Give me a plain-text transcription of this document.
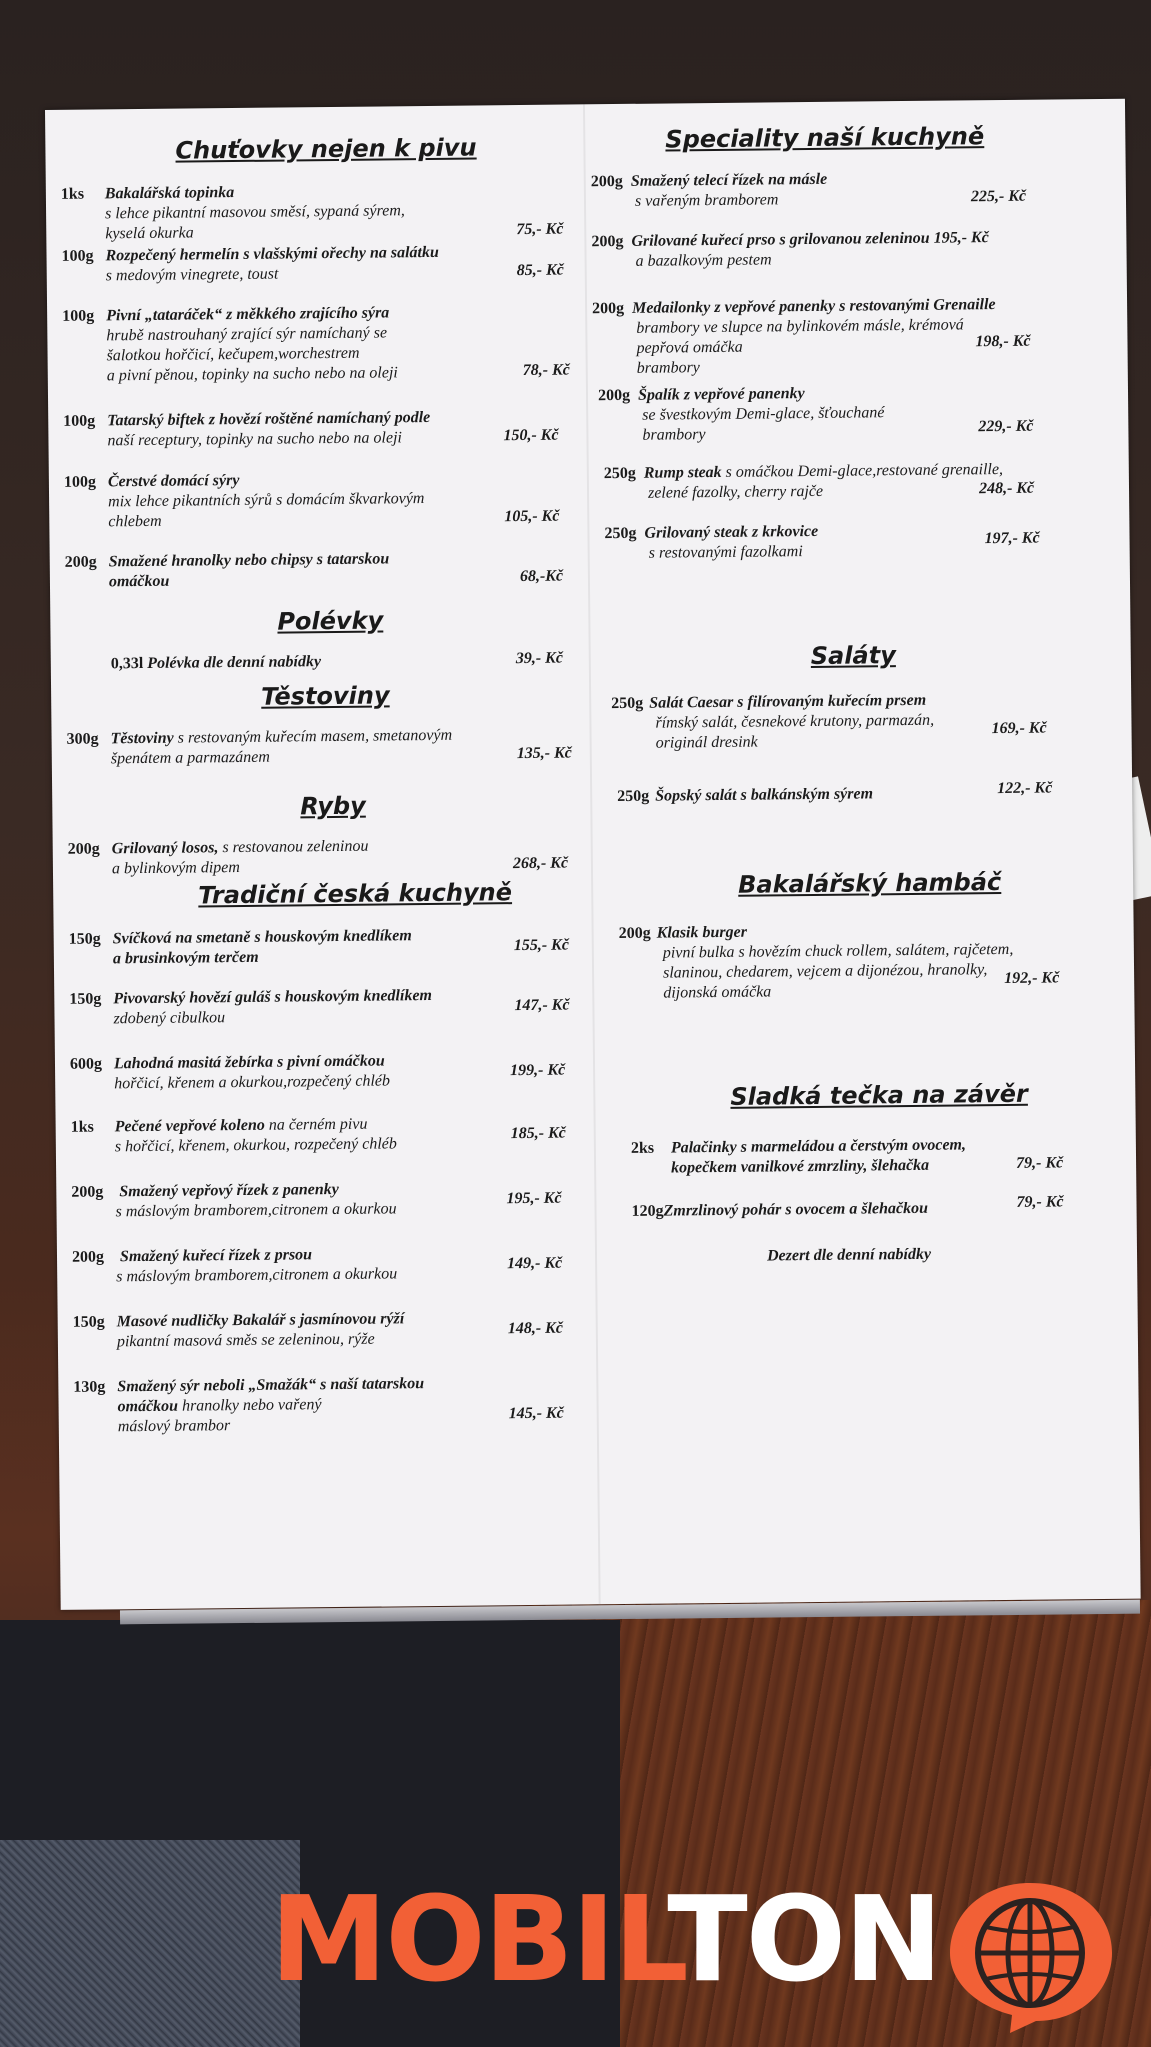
Chuťovky nejen k pivu
1ks Bakalářská topinka
s lehce pikantní masovou směsí, sypaná sýrem,
kyselá okurka	75,- Kč
100g Rozpečený hermelín s vlašskými ořechy na salátku
s medovým vinegrete, toust	85,- Kč
100g Pivní „tataráček“ z měkkého zrajícího sýra
hrubě nastrouhaný zrající sýr namíchaný se
šalotkou hořčicí, kečupem,worchestrem
a pivní pěnou, topinky na sucho nebo na oleji	78,- Kč
100g Tatarský biftek z hovězí roštěné namíchaný podle
naší receptury, topinky na sucho nebo na oleji	150,- Kč
100g Čerstvé domácí sýry
mix lehce pikantních sýrů s domácím škvarkovým
chlebem	105,- Kč
200g Smažené hranolky nebo chipsy s tatarskou
omáčkou	68,-Kč
Polévky
0,33l Polévka dle denní nabídky	39,- Kč
Těstoviny
300g Těstoviny s restovaným kuřecím masem, smetanovým
špenátem a parmazánem	135,- Kč
Ryby
200g Grilovaný losos, s restovanou zeleninou
a bylinkovým dipem	268,- Kč
Tradiční česká kuchyně
150g Svíčková na smetaně s houskovým knedlíkem
a brusinkovým terčem
155,- Kč
150g Pivovarský hovězí guláš s houskovým knedlíkem
zdobený cibulkou
147,- Kč
600g Lahodná masitá žebírka s pivní omáčkou
hořčicí, křenem a okurkou,rozpečený chléb
199,- Kč
1ks Pečené vepřové koleno na černém pivu
s hořčicí, křenem, okurkou, rozpečený chléb
185,- Kč
200g Smažený vepřový řízek z panenky
s máslovým bramborem,citronem a okurkou
195,- Kč
200g Smažený kuřecí řízek z prsou
s máslovým bramborem,citronem a okurkou
149,- Kč
150g Masové nudličky Bakalář s jasmínovou rýží
pikantní masová směs se zeleninou, rýže
148,- Kč
130g Smažený sýr neboli „Smažák“ s naší tatarskou
omáčkou hranolky nebo vařený
máslový brambor
145,- Kč
Speciality naší kuchyně
200g Smažený telecí řízek na másle
s vařeným bramborem	225,- Kč
200g Grilované kuřecí prso s grilovanou zeleninou 195,- Kč
a bazalkovým pestem
200g Medailonky z vepřové panenky s restovanými Grenaille
brambory ve slupce na bylinkovém másle, krémová
pepřová omáčka
brambory
198,- Kč
200g Špalík z vepřové panenky
se švestkovým Demi-glace, šťouchané
brambory	229,- Kč
250g Rump steak s omáčkou Demi-glace,restované grenaille,
zelené fazolky, cherry rajče	248,- Kč
250g Grilovaný steak z krkovice
s restovanými fazolkami
197,- Kč
Saláty
250g Salát Caesar s filírovaným kuřecím prsem
římský salát, česnekové krutony, parmazán,
originál dresink
169,- Kč
250g Šopský salát s balkánským sýrem	122,- Kč
Bakalářský hambáč
200g Klasik burger
pivní bulka s hovězím chuck rollem, salátem, rajčetem,
slaninou, chedarem, vejcem a dijonézou, hranolky,
dijonská omáčka
192,- Kč
Sladká tečka na závěr
2ks Palačinky s marmeládou a čerstvým ovocem,
kopečkem vanilkové zmrzliny, šlehačka	79,- Kč
120gZmrzlinový pohár s ovocem a šlehačkou	79,- Kč
Dezert dle denní nabídky
MOBILTON
